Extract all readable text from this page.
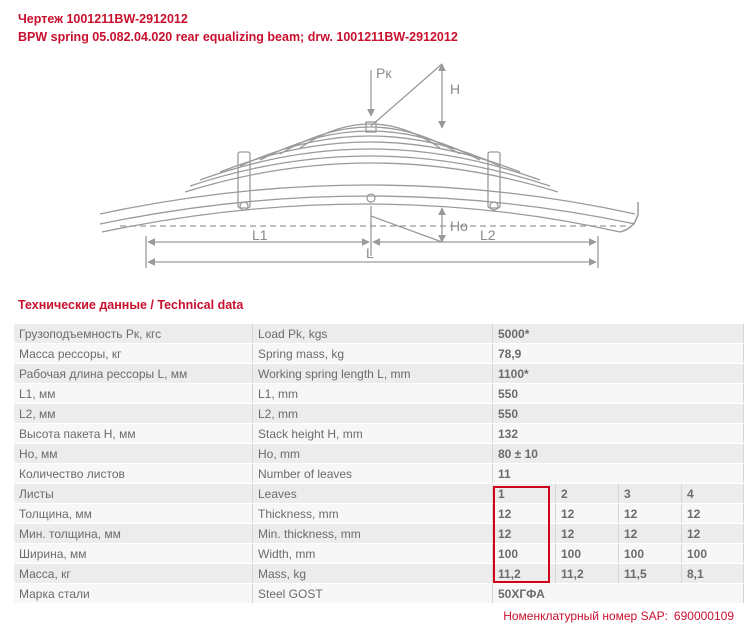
Чертеж 1001211BW-2912012
BPW spring 05.082.04.020 rear equalizing beam; drw. 1001211BW-2912012
Pк
H
Ho
L1	L2
L
Технические данные / Technical data
Грузоподъемность Pк, кгс	Load Pk, kgs	5000*			
Масса рессоры, кг	Spring mass, kg	78,9			
Рабочая длина рессоры L, мм	Working spring length L, mm	1100*			
L1, мм	L1, mm	550			
L2, мм	L2, mm	550			
Высота пакета H, мм	Stack height H, mm	132			
Ho, мм	Ho, mm	80 ± 10			
Количество листов	Number of leaves	11			
Листы	Leaves	1	2	3	4
Толщина, мм	Thickness, mm	12	12	12	12
Мин. толщина, мм	Min. thickness, mm	12	12	12	12
Ширина, мм	Width, mm	100	100	100	100
Масса, кг	Mass, kg	11,2	11,2	11,5	8,1
Марка стали	Steel GOST	50ХГФА			
Номенклатурный номер SAP: 690000109
